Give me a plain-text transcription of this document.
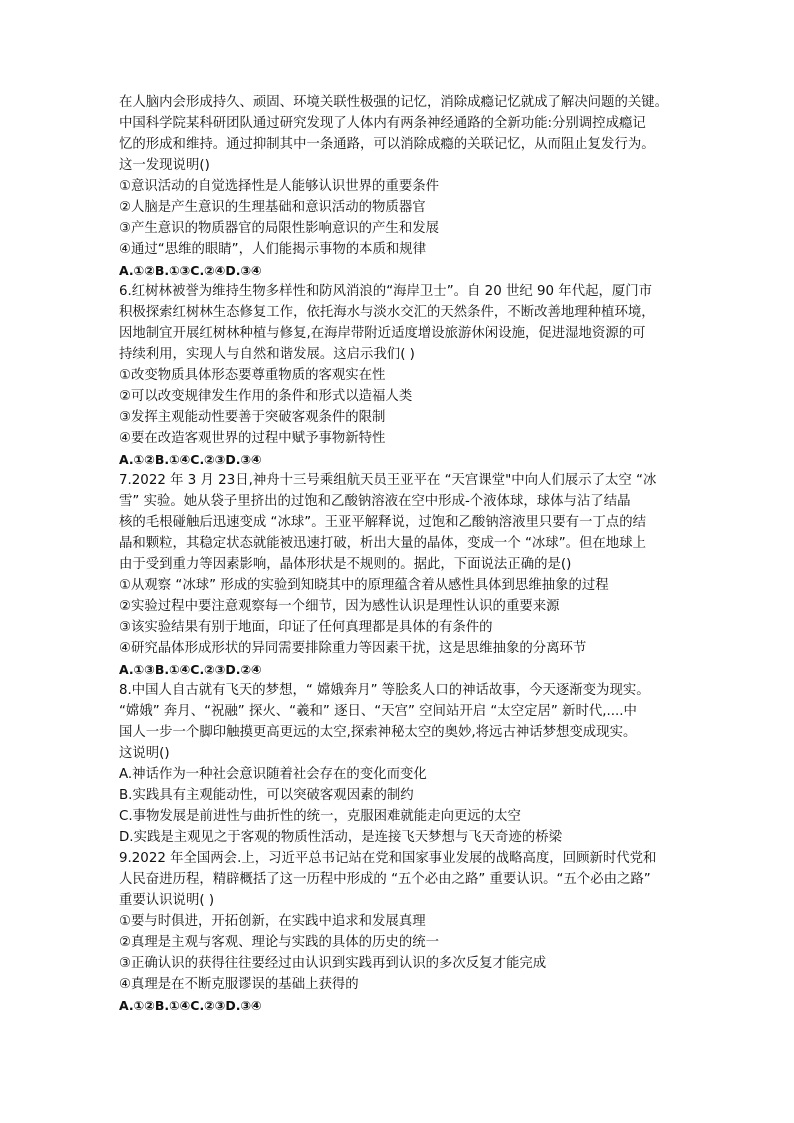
在人脑内会形成持久、顽固、环境关联性极强的记忆，消除成瘾记忆就成了解决问题的关键。
中国科学院某科研团队通过研究发现了人体内有两条神经通路的全新功能:分别调控成瘾记
忆的形成和维持。通过抑制其中一条通路，可以消除成瘾的关联记忆，从而阻止复发行为。
这一发现说明()
①意识活动的自觉选择性是人能够认识世界的重要条件
②人脑是产生意识的生理基础和意识活动的物质器官
③产生意识的物质器官的局限性影响意识的产生和发展
④通过“思维的眼睛”，人们能揭示事物的本质和规律
A.①②B.①③C.②④D.③④
6.红树林被誉为维持生物多样性和防风消浪的“海岸卫士”。自 20 世纪 90 年代起，厦门市
积极探索红树林生态修复工作，依托海水与淡水交汇的天然条件，不断改善地理种植环境，
因地制宜开展红树林种植与修复,在海岸带附近适度增设旅游休闲设施，促进湿地资源的可
持续利用，实现人与自然和谐发展。这启示我们( )
①改变物质具体形态要尊重物质的客观实在性
②可以改变规律发生作用的条件和形式以造福人类
③发挥主观能动性要善于突破客观条件的限制
④要在改造客观世界的过程中赋予事物新特性
A.①②B.①④C.②③D.③④
7.2022 年 3 月 23日,神舟十三号乘组航天员王亚平在 “天宫课堂"中向人们展示了太空 “冰
雪” 实验。她从袋子里挤出的过饱和乙酸钠溶液在空中形成-个液体球，球体与沾了结晶
核的毛根碰触后迅速变成 “冰球”。王亚平解释说，过饱和乙酸钠溶液里只要有一丁点的结
晶和颗粒，其稳定状态就能被迅速打破，析出大量的晶体，变成一个 “冰球”。但在地球上
由于受到重力等因素影响，晶体形状是不规则的。据此，下面说法正确的是()
①从观察 “冰球” 形成的实验到知晓其中的原理蕴含着从感性具体到思维抽象的过程
②实验过程中要注意观察每一个细节，因为感性认识是理性认识的重要来源
③该实验结果有别于地面，印证了任何真理都是具体的有条件的
④研究晶体形成形状的异同需要排除重力等因素干扰，这是思维抽象的分离环节
A.①③B.①④C.②③D.②④
8.中国人自古就有飞天的梦想，“ 嫦娥奔月” 等脍炙人口的神话故事，今天逐渐变为现实。
“嫦娥” 奔月、“祝融” 探火、“羲和” 逐日、“天宫” 空间站开启 “太空定居” 新时代,....中
国人一步一个脚印触摸更高更远的太空,探索神秘太空的奥妙,将远古神话梦想变成现实。
这说明()
A.神话作为一种社会意识随着社会存在的变化而变化
B.实践具有主观能动性，可以突破客观因素的制约
C.事物发展是前进性与曲折性的统一，克服困难就能走向更远的太空
D.实践是主观见之于客观的物质性活动，是连接飞天梦想与飞天奇迹的桥梁
9.2022 年全国两会.上，习近平总书记站在党和国家事业发展的战略高度，回顾新时代党和
人民奋进历程，精辟概括了这一历程中形成的 “五个必由之路” 重要认识。“五个必由之路”
重要认识说明( )
①要与时俱进，开拓创新，在实践中追求和发展真理
②真理是主观与客观、理论与实践的具体的历史的统一
③正确认识的获得往往要经过由认识到实践再到认识的多次反复才能完成
④真理是在不断克服谬误的基础上获得的
A.①②B.①④C.②③D.③④
